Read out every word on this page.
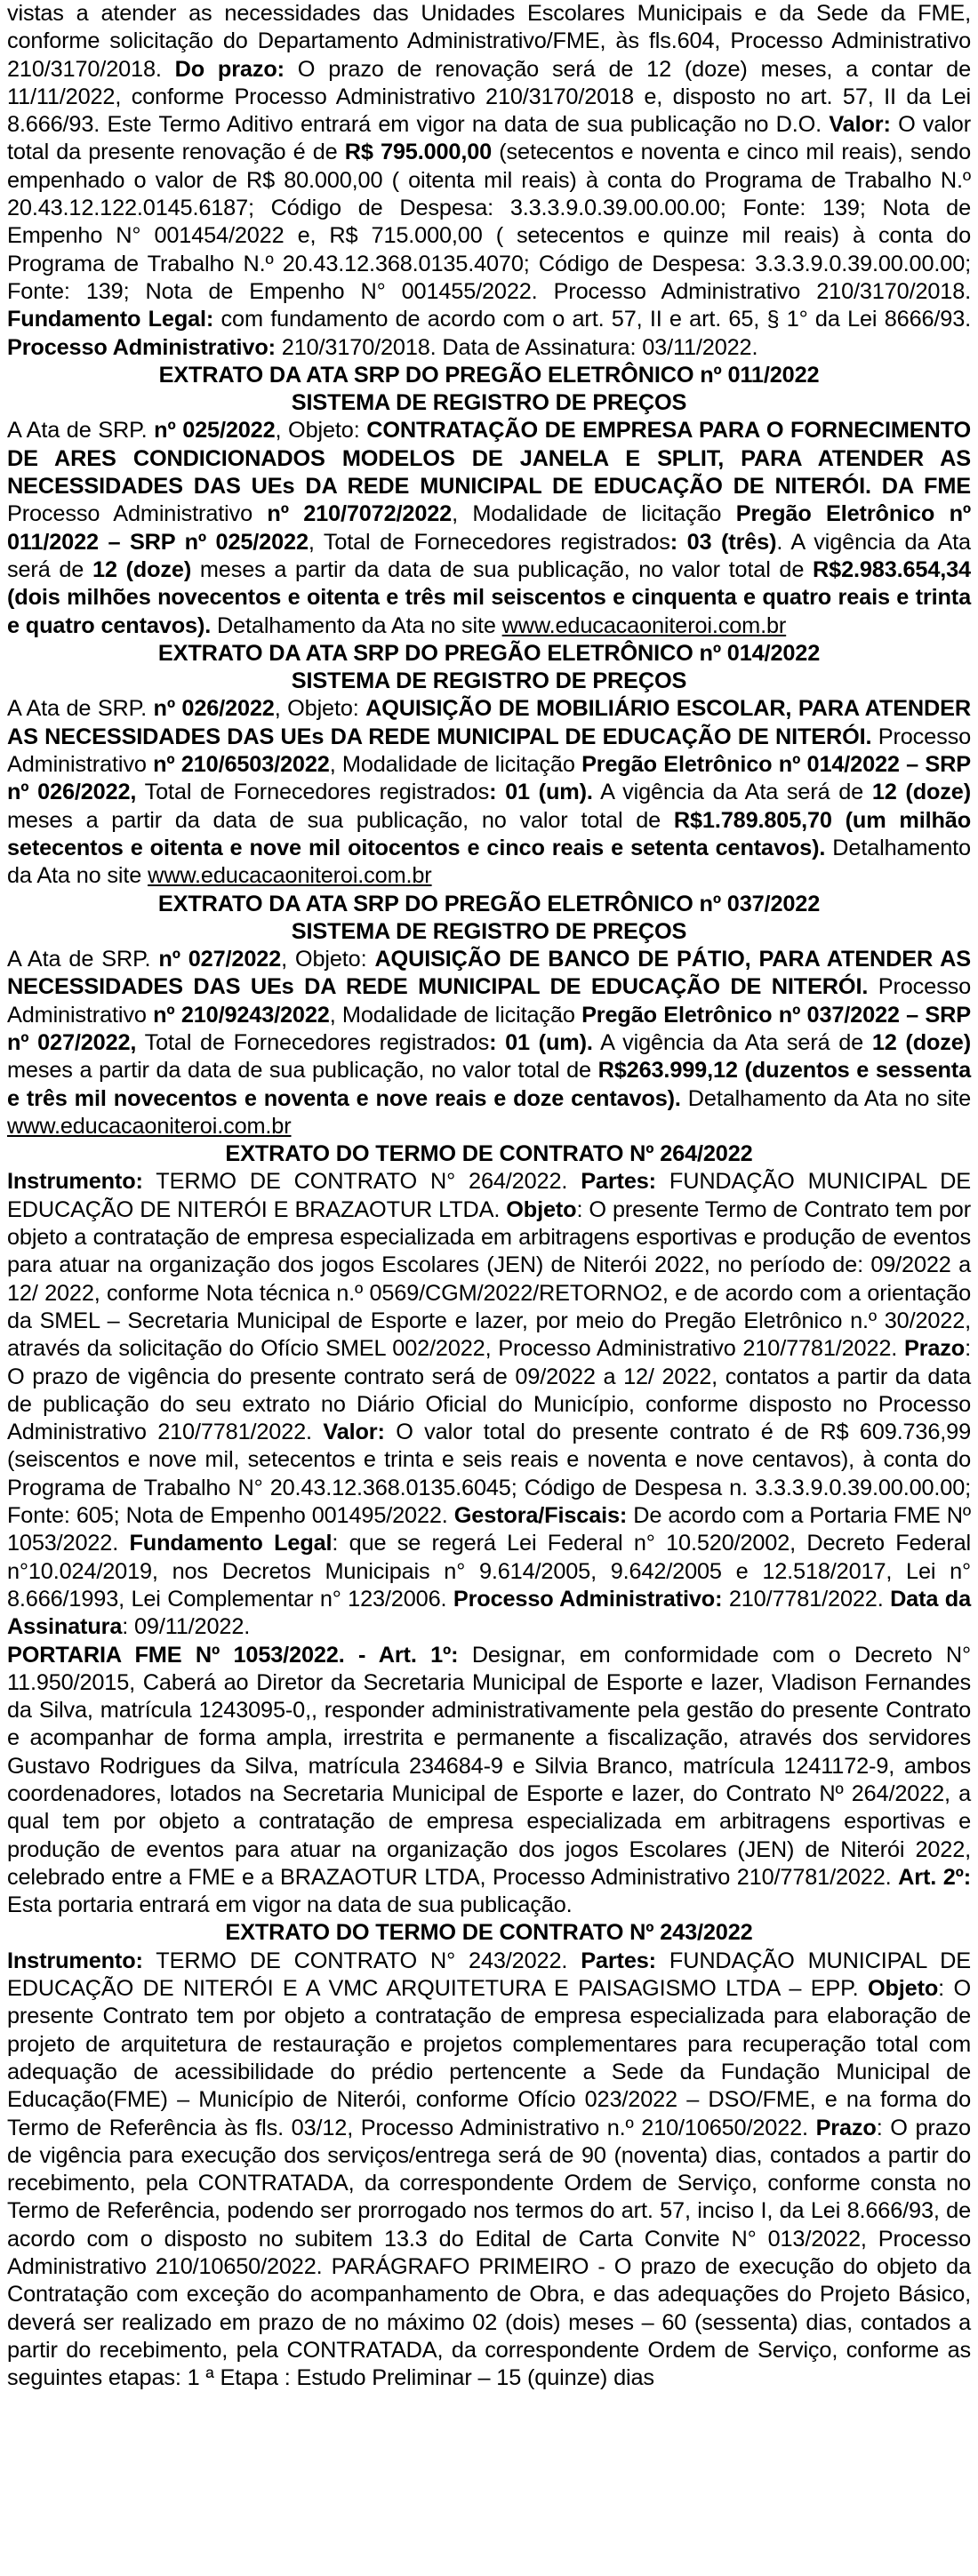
vistas a atender as necessidades das Unidades Escolares Municipais e da Sede da FME, conforme solicitação do Departamento Administrativo/FME, às fls.604, Processo Administrativo 210/3170/2018. Do prazo: O prazo de renovação será de 12 (doze) meses, a contar de 11/11/2022, conforme Processo Administrativo 210/3170/2018 e, disposto no art. 57, II da Lei 8.666/93. Este Termo Aditivo entrará em vigor na data de sua publicação no D.O. Valor: O valor total da presente renovação é de R$ 795.000,00 (setecentos e noventa e cinco mil reais), sendo empenhado o valor de R$ 80.000,00 ( oitenta mil reais) à conta do Programa de Trabalho N.º 20.43.12.122.0145.6187; Código de Despesa: 3.3.3.9.0.39.00.00.00; Fonte: 139; Nota de Empenho N° 001454/2022 e, R$ 715.000,00 ( setecentos e quinze mil reais) à conta do Programa de Trabalho N.º 20.43.12.368.0135.4070; Código de Despesa: 3.3.3.9.0.39.00.00.00; Fonte: 139; Nota de Empenho N° 001455/2022. Processo Administrativo 210/3170/2018. Fundamento Legal: com fundamento de acordo com o art. 57, II e art. 65, § 1° da Lei 8666/93. Processo Administrativo: 210/3170/2018. Data de Assinatura: 03/11/2022.

EXTRATO DA ATA SRP DO PREGÃO ELETRÔNICO nº 011/2022

SISTEMA DE REGISTRO DE PREÇOS

A Ata de SRP. nº 025/2022, Objeto: CONTRATAÇÃO DE EMPRESA PARA O FORNECIMENTO DE ARES CONDICIONADOS MODELOS DE JANELA E SPLIT, PARA ATENDER AS NECESSIDADES DAS UEs DA REDE MUNICIPAL DE EDUCAÇÃO DE NITERÓI. DA FME Processo Administrativo nº 210/7072/2022, Modalidade de licitação Pregão Eletrônico nº 011/2022 – SRP nº 025/2022, Total de Fornecedores registrados: 03 (três). A vigência da Ata será de 12 (doze) meses a partir da data de sua publicação, no valor total de R$2.983.654,34 (dois milhões novecentos e oitenta e três mil seiscentos e cinquenta e quatro reais e trinta e quatro centavos). Detalhamento da Ata no site www.educacaoniteroi.com.br

EXTRATO DA ATA SRP DO PREGÃO ELETRÔNICO nº 014/2022

SISTEMA DE REGISTRO DE PREÇOS

A Ata de SRP. nº 026/2022, Objeto: AQUISIÇÃO DE MOBILIÁRIO ESCOLAR, PARA ATENDER AS NECESSIDADES DAS UEs DA REDE MUNICIPAL DE EDUCAÇÃO DE NITERÓI. Processo Administrativo nº 210/6503/2022, Modalidade de licitação Pregão Eletrônico nº 014/2022 – SRP nº 026/2022, Total de Fornecedores registrados: 01 (um). A vigência da Ata será de 12 (doze) meses a partir da data de sua publicação, no valor total de R$1.789.805,70 (um milhão setecentos e oitenta e nove mil oitocentos e cinco reais e setenta centavos). Detalhamento da Ata no site www.educacaoniteroi.com.br

EXTRATO DA ATA SRP DO PREGÃO ELETRÔNICO nº 037/2022

SISTEMA DE REGISTRO DE PREÇOS

A Ata de SRP. nº 027/2022, Objeto: AQUISIÇÃO DE BANCO DE PÁTIO, PARA ATENDER AS NECESSIDADES DAS UEs DA REDE MUNICIPAL DE EDUCAÇÃO DE NITERÓI. Processo Administrativo nº 210/9243/2022, Modalidade de licitação Pregão Eletrônico nº 037/2022 – SRP nº 027/2022, Total de Fornecedores registrados: 01 (um). A vigência da Ata será de 12 (doze) meses a partir da data de sua publicação, no valor total de R$263.999,12 (duzentos e sessenta e três mil novecentos e noventa e nove reais e doze centavos). Detalhamento da Ata no site www.educacaoniteroi.com.br

EXTRATO DO TERMO DE CONTRATO Nº 264/2022

Instrumento: TERMO DE CONTRATO N° 264/2022. Partes: FUNDAÇÃO MUNICIPAL DE EDUCAÇÃO DE NITERÓI E BRAZAOTUR LTDA. Objeto: O presente Termo de Contrato tem por objeto a contratação de empresa especializada em arbitragens esportivas e produção de eventos para atuar na organização dos jogos Escolares (JEN) de Niterói 2022, no período de: 09/2022 a 12/ 2022, conforme Nota técnica n.º 0569/CGM/2022/RETORNO2, e de acordo com a orientação da SMEL – Secretaria Municipal de Esporte e lazer, por meio do Pregão Eletrônico n.º 30/2022, através da solicitação do Ofício SMEL 002/2022, Processo Administrativo 210/7781/2022. Prazo: O prazo de vigência do presente contrato será de 09/2022 a 12/ 2022, contatos a partir da data de publicação do seu extrato no Diário Oficial do Município, conforme disposto no Processo Administrativo 210/7781/2022. Valor: O valor total do presente contrato é de R$ 609.736,99 (seiscentos e nove mil, setecentos e trinta e seis reais e noventa e nove centavos), à conta do Programa de Trabalho N° 20.43.12.368.0135.6045; Código de Despesa n. 3.3.3.9.0.39.00.00.00; Fonte: 605; Nota de Empenho 001495/2022. Gestora/Fiscais: De acordo com a Portaria FME Nº 1053/2022. Fundamento Legal: que se regerá Lei Federal n° 10.520/2002, Decreto Federal n°10.024/2019, nos Decretos Municipais n° 9.614/2005, 9.642/2005 e 12.518/2017, Lei n° 8.666/1993, Lei Complementar n° 123/2006. Processo Administrativo: 210/7781/2022. Data da Assinatura: 09/11/2022.

PORTARIA FME Nº 1053/2022. - Art. 1º: Designar, em conformidade com o Decreto N° 11.950/2015, Caberá ao Diretor da Secretaria Municipal de Esporte e lazer, Vladison Fernandes da Silva, matrícula 1243095-0,, responder administrativamente pela gestão do presente Contrato e acompanhar de forma ampla, irrestrita e permanente a fiscalização, através dos servidores Gustavo Rodrigues da Silva, matrícula 234684-9 e Silvia Branco, matrícula 1241172-9, ambos coordenadores, lotados na Secretaria Municipal de Esporte e lazer, do Contrato Nº 264/2022, a qual tem por objeto a contratação de empresa especializada em arbitragens esportivas e produção de eventos para atuar na organização dos jogos Escolares (JEN) de Niterói 2022, celebrado entre a FME e a BRAZAOTUR LTDA, Processo Administrativo 210/7781/2022. Art. 2º: Esta portaria entrará em vigor na data de sua publicação.

EXTRATO DO TERMO DE CONTRATO Nº 243/2022

Instrumento: TERMO DE CONTRATO N° 243/2022. Partes: FUNDAÇÃO MUNICIPAL DE EDUCAÇÃO DE NITERÓI E A VMC ARQUITETURA E PAISAGISMO LTDA – EPP. Objeto: O presente Contrato tem por objeto a contratação de empresa especializada para elaboração de projeto de arquitetura de restauração e projetos complementares para recuperação total com adequação de acessibilidade do prédio pertencente a Sede da Fundação Municipal de Educação(FME) – Município de Niterói, conforme Ofício 023/2022 – DSO/FME, e na forma do Termo de Referência às fls. 03/12, Processo Administrativo n.º 210/10650/2022. Prazo: O prazo de vigência para execução dos serviços/entrega será de 90 (noventa) dias, contados a partir do recebimento, pela CONTRATADA, da correspondente Ordem de Serviço, conforme consta no Termo de Referência, podendo ser prorrogado nos termos do art. 57, inciso I, da Lei 8.666/93, de acordo com o disposto no subitem 13.3 do Edital de Carta Convite N° 013/2022, Processo Administrativo 210/10650/2022. PARÁGRAFO PRIMEIRO - O prazo de execução do objeto da Contratação com exceção do acompanhamento de Obra, e das adequações do Projeto Básico, deverá ser realizado em prazo de no máximo 02 (dois) meses – 60 (sessenta) dias, contados a partir do recebimento, pela CONTRATADA, da correspondente Ordem de Serviço, conforme as seguintes etapas: 1 ª Etapa : Estudo Preliminar – 15 (quinze) dias
